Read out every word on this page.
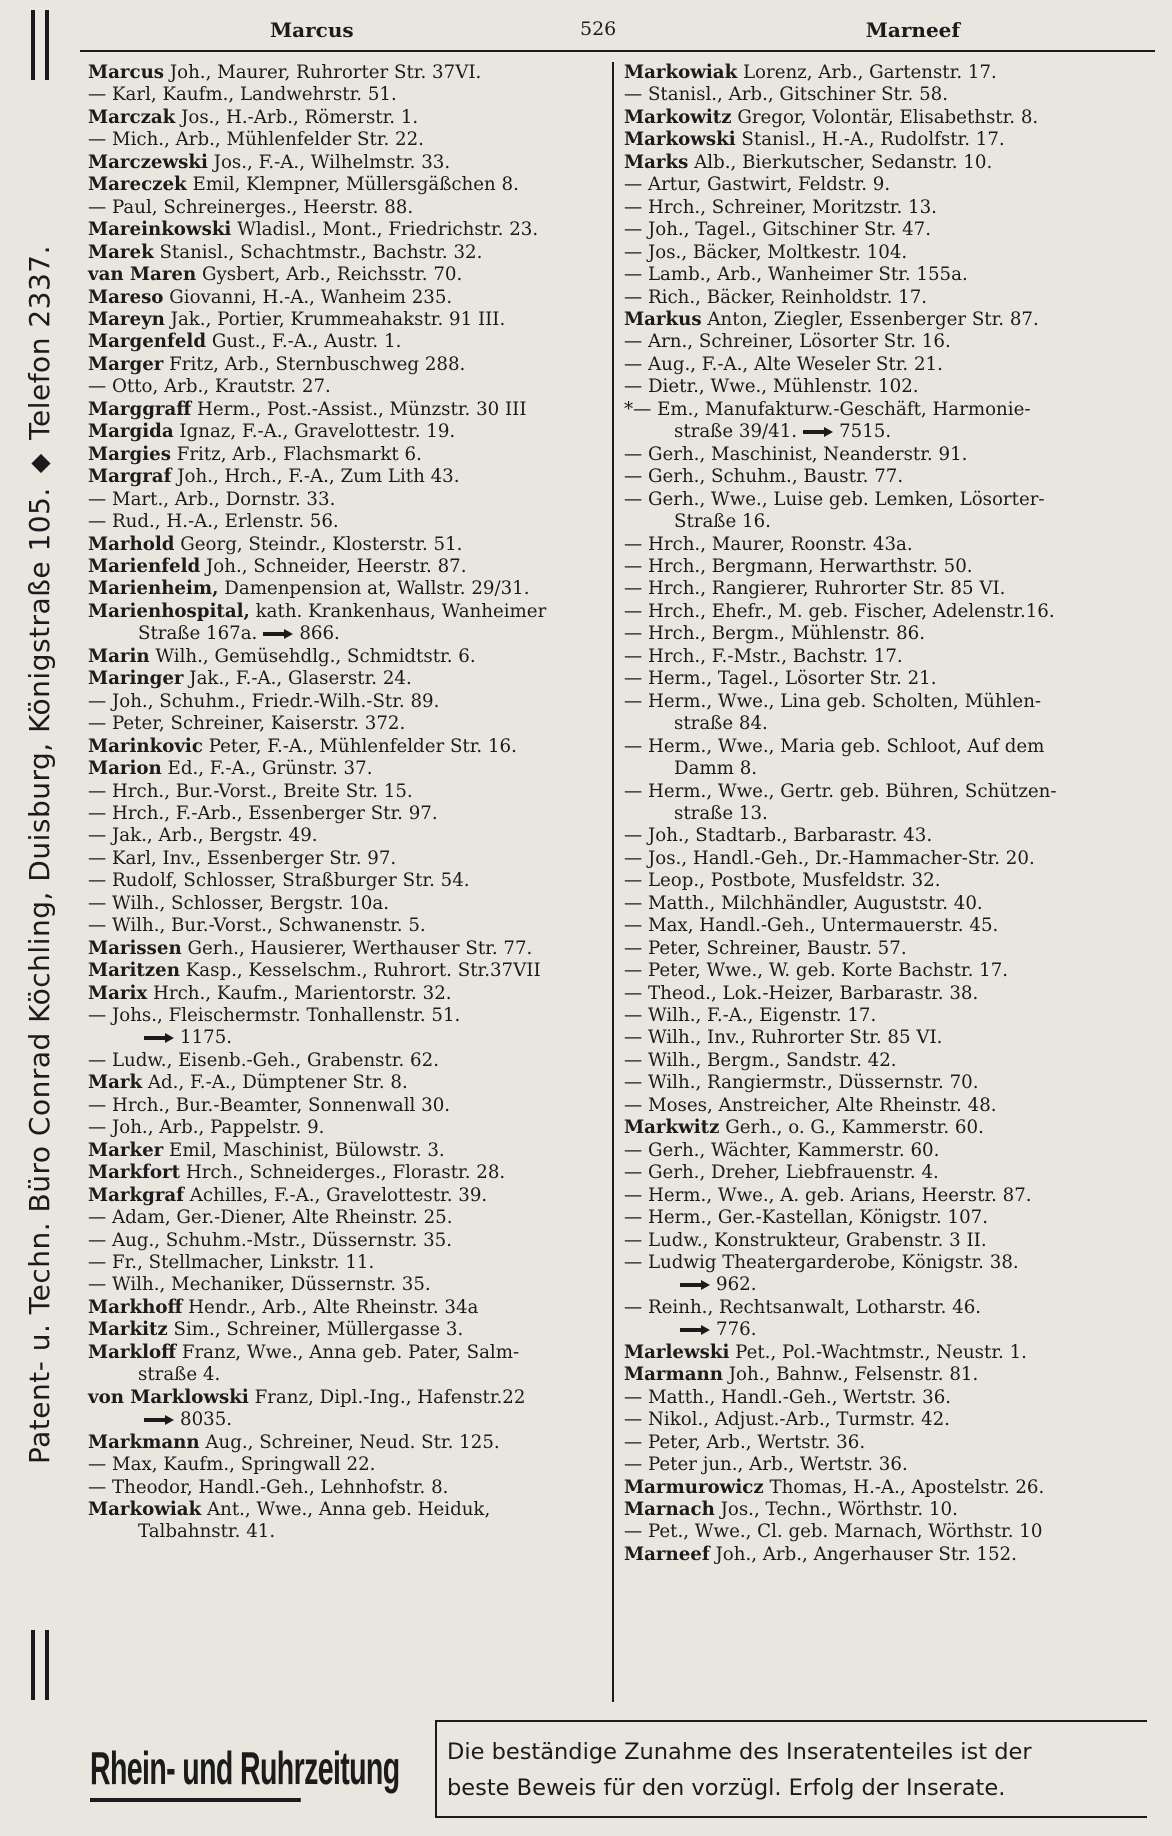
Patent- u. Techn. Büro Conrad Köchling, Duisburg, Königstraße 105. ⬥ Telefon 2337.
Marcus	526	Marneef
Marcus Joh., Maurer, Ruhrorter Str. 37VI.
— Karl, Kaufm., Landwehrstr. 51.
Marczak Jos., H.-Arb., Römerstr. 1.
— Mich., Arb., Mühlenfelder Str. 22.
Marczewski Jos., F.-A., Wilhelmstr. 33.
Mareczek Emil, Klempner, Müllersgäßchen 8.
— Paul, Schreinerges., Heerstr. 88.
Mareinkowski Wladisl., Mont., Friedrichstr. 23.
Marek Stanisl., Schachtmstr., Bachstr. 32.
van Maren Gysbert, Arb., Reichsstr. 70.
Mareso Giovanni, H.-A., Wanheim 235.
Mareyn Jak., Portier, Krummeahakstr. 91 III.
Margenfeld Gust., F.-A., Austr. 1.
Marger Fritz, Arb., Sternbuschweg 288.
— Otto, Arb., Krautstr. 27.
Marggraff Herm., Post.-Assist., Münzstr. 30 III
Margida Ignaz, F.-A., Gravelottestr. 19.
Margies Fritz, Arb., Flachsmarkt 6.
Margraf Joh., Hrch., F.-A., Zum Lith 43.
— Mart., Arb., Dornstr. 33.
— Rud., H.-A., Erlenstr. 56.
Marhold Georg, Steindr., Klosterstr. 51.
Marienfeld Joh., Schneider, Heerstr. 87.
Marienheim, Damenpension at, Wallstr. 29/31.
Marienhospital, kath. Krankenhaus, Wanheimer
Straße 167a. 866.
Marin Wilh., Gemüsehdlg., Schmidtstr. 6.
Maringer Jak., F.-A., Glaserstr. 24.
— Joh., Schuhm., Friedr.-Wilh.-Str. 89.
— Peter, Schreiner, Kaiserstr. 372.
Marinkovic Peter, F.-A., Mühlenfelder Str. 16.
Marion Ed., F.-A., Grünstr. 37.
— Hrch., Bur.-Vorst., Breite Str. 15.
— Hrch., F.-Arb., Essenberger Str. 97.
— Jak., Arb., Bergstr. 49.
— Karl, Inv., Essenberger Str. 97.
— Rudolf, Schlosser, Straßburger Str. 54.
— Wilh., Schlosser, Bergstr. 10a.
— Wilh., Bur.-Vorst., Schwanenstr. 5.
Marissen Gerh., Hausierer, Werthauser Str. 77.
Maritzen Kasp., Kesselschm., Ruhrort. Str.37VII
Marix Hrch., Kaufm., Marientorstr. 32.
— Johs., Fleischermstr. Tonhallenstr. 51.
1175.
— Ludw., Eisenb.-Geh., Grabenstr. 62.
Mark Ad., F.-A., Dümptener Str. 8.
— Hrch., Bur.-Beamter, Sonnenwall 30.
— Joh., Arb., Pappelstr. 9.
Marker Emil, Maschinist, Bülowstr. 3.
Markfort Hrch., Schneiderges., Florastr. 28.
Markgraf Achilles, F.-A., Gravelottestr. 39.
— Adam, Ger.-Diener, Alte Rheinstr. 25.
— Aug., Schuhm.-Mstr., Düssernstr. 35.
— Fr., Stellmacher, Linkstr. 11.
— Wilh., Mechaniker, Düssernstr. 35.
Markhoff Hendr., Arb., Alte Rheinstr. 34a
Markitz Sim., Schreiner, Müllergasse 3.
Markloff Franz, Wwe., Anna geb. Pater, Salm-
straße 4.
von Marklowski Franz, Dipl.-Ing., Hafenstr.22
8035.
Markmann Aug., Schreiner, Neud. Str. 125.
— Max, Kaufm., Springwall 22.
— Theodor, Handl.-Geh., Lehnhofstr. 8.
Markowiak Ant., Wwe., Anna geb. Heiduk,
Talbahnstr. 41.
Markowiak Lorenz, Arb., Gartenstr. 17.
— Stanisl., Arb., Gitschiner Str. 58.
Markowitz Gregor, Volontär, Elisabethstr. 8.
Markowski Stanisl., H.-A., Rudolfstr. 17.
Marks Alb., Bierkutscher, Sedanstr. 10.
— Artur, Gastwirt, Feldstr. 9.
— Hrch., Schreiner, Moritzstr. 13.
— Joh., Tagel., Gitschiner Str. 47.
— Jos., Bäcker, Moltkestr. 104.
— Lamb., Arb., Wanheimer Str. 155a.
— Rich., Bäcker, Reinholdstr. 17.
Markus Anton, Ziegler, Essenberger Str. 87.
— Arn., Schreiner, Lösorter Str. 16.
— Aug., F.-A., Alte Weseler Str. 21.
— Dietr., Wwe., Mühlenstr. 102.
*— Em., Manufakturw.-Geschäft, Harmonie-
straße 39/41. 7515.
— Gerh., Maschinist, Neanderstr. 91.
— Gerh., Schuhm., Baustr. 77.
— Gerh., Wwe., Luise geb. Lemken, Lösorter-
Straße 16.
— Hrch., Maurer, Roonstr. 43a.
— Hrch., Bergmann, Herwarthstr. 50.
— Hrch., Rangierer, Ruhrorter Str. 85 VI.
— Hrch., Ehefr., M. geb. Fischer, Adelenstr.16.
— Hrch., Bergm., Mühlenstr. 86.
— Hrch., F.-Mstr., Bachstr. 17.
— Herm., Tagel., Lösorter Str. 21.
— Herm., Wwe., Lina geb. Scholten, Mühlen-
straße 84.
— Herm., Wwe., Maria geb. Schloot, Auf dem
Damm 8.
— Herm., Wwe., Gertr. geb. Bühren, Schützen-
straße 13.
— Joh., Stadtarb., Barbarastr. 43.
— Jos., Handl.-Geh., Dr.-Hammacher-Str. 20.
— Leop., Postbote, Musfeldstr. 32.
— Matth., Milchhändler, Auguststr. 40.
— Max, Handl.-Geh., Untermauerstr. 45.
— Peter, Schreiner, Baustr. 57.
— Peter, Wwe., W. geb. Korte Bachstr. 17.
— Theod., Lok.-Heizer, Barbarastr. 38.
— Wilh., F.-A., Eigenstr. 17.
— Wilh., Inv., Ruhrorter Str. 85 VI.
— Wilh., Bergm., Sandstr. 42.
— Wilh., Rangiermstr., Düssernstr. 70.
— Moses, Anstreicher, Alte Rheinstr. 48.
Markwitz Gerh., o. G., Kammerstr. 60.
— Gerh., Wächter, Kammerstr. 60.
— Gerh., Dreher, Liebfrauenstr. 4.
— Herm., Wwe., A. geb. Arians, Heerstr. 87.
— Herm., Ger.-Kastellan, Königstr. 107.
— Ludw., Konstrukteur, Grabenstr. 3 II.
— Ludwig Theatergarderobe, Königstr. 38.
962.
— Reinh., Rechtsanwalt, Lotharstr. 46.
776.
Marlewski Pet., Pol.-Wachtmstr., Neustr. 1.
Marmann Joh., Bahnw., Felsenstr. 81.
— Matth., Handl.-Geh., Wertstr. 36.
— Nikol., Adjust.-Arb., Turmstr. 42.
— Peter, Arb., Wertstr. 36.
— Peter jun., Arb., Wertstr. 36.
Marmurowicz Thomas, H.-A., Apostelstr. 26.
Marnach Jos., Techn., Wörthstr. 10.
— Pet., Wwe., Cl. geb. Marnach, Wörthstr. 10
Marneef Joh., Arb., Angerhauser Str. 152.
Rhein- und Ruhrzeitung Die beständige Zunahme des Inseratenteiles ist der
beste Beweis für den vorzügl. Erfolg der Inserate.
